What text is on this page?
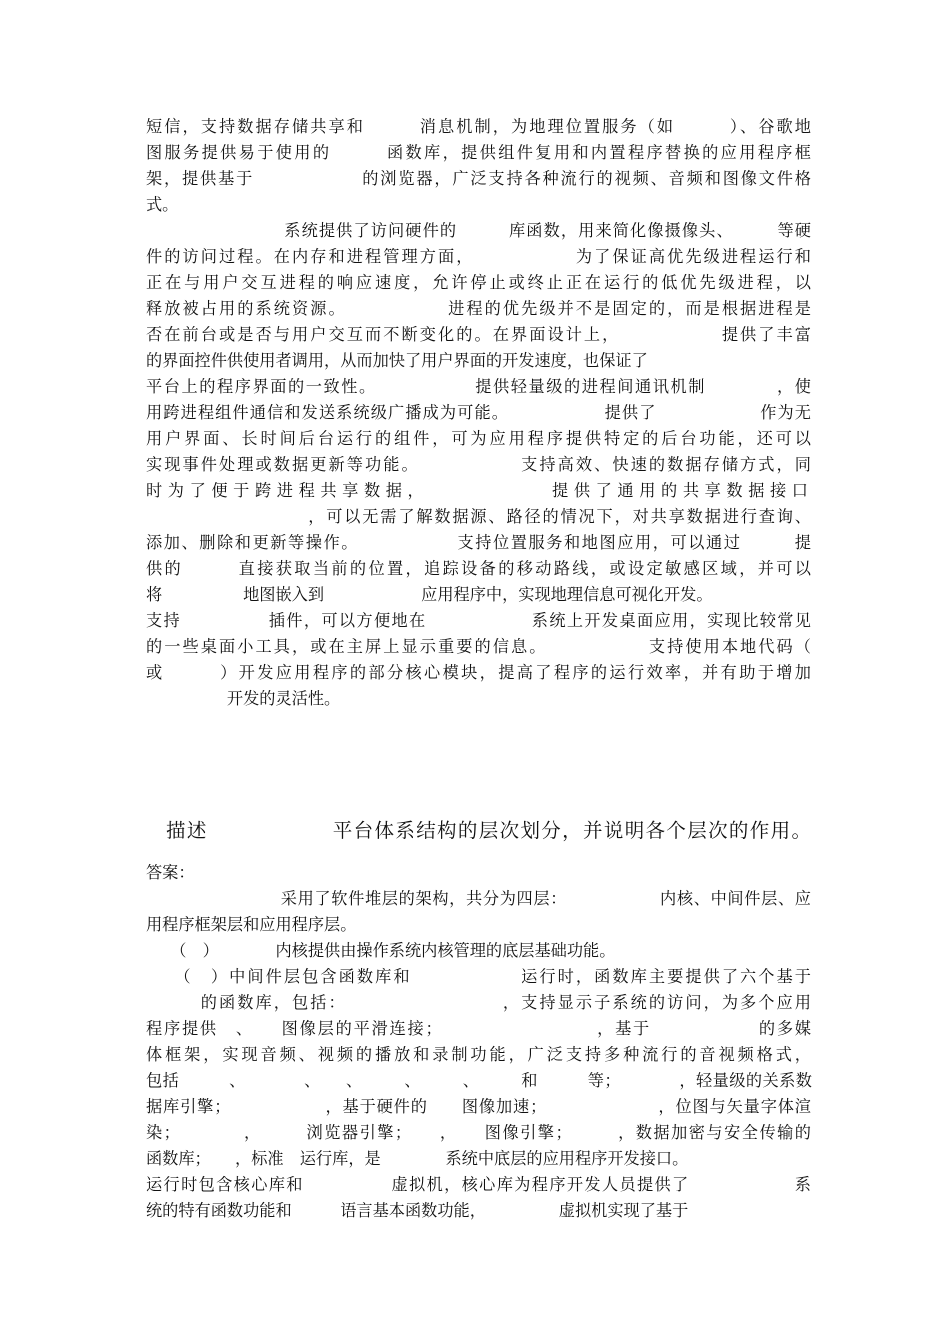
短信，支持数据存储共享和　　　消息机制，为地理位置服务（如　　　）、谷歌地
图服务提供易于使用的　　　函数库，提供组件复用和内置程序替换的应用程序框
架，提供基于　　　　　　的浏览器，广泛支持各种流行的视频、音频和图像文件格
式。
　　　　　　　　系统提供了访问硬件的　　　库函数，用来简化像摄像头、　　　等硬
件的访问过程。在内存和进程管理方面，　　　　　　为了保证高优先级进程运行和
正在与用户交互进程的响应速度，允许停止或终止正在运行的低优先级进程，以
释放被占用的系统资源。　　　　　　进程的优先级并不是固定的，而是根据进程是
否在前台或是否与用户交互而不断变化的。在界面设计上，　　　　　　提供了丰富
的界面控件供使用者调用，从而加快了用户界面的开发速度，也保证了
平台上的程序界面的一致性。　　　　　　提供轻量级的进程间通讯机制　　　　，使
用跨进程组件通信和发送系统级广播成为可能。　　　　　　提供了　　　　　　作为无
用户界面、长时间后台运行的组件，可为应用程序提供特定的后台功能，还可以
实现事件处理或数据更新等功能。　　　　　　支持高效、快速的数据存储方式，同
时为了便于跨进程共享数据，　　　　　　提供了通用的共享数据接口
　　　　　　　　　，可以无需了解数据源、路径的情况下，对共享数据进行查询、
添加、删除和更新等操作。　　　　　　支持位置服务和地图应用，可以通过　　　提
供的　　　直接获取当前的位置，追踪设备的移动路线，或设定敏感区域，并可以
将　　　　　地图嵌入到　　　　　　应用程序中，实现地理信息可视化开发。
支持　　　　　插件，可以方便地在　　　　　　系统上开发桌面应用，实现比较常见
的一些桌面小工具，或在主屏上显示重要的信息。　　　　　　支持使用本地代码（
或　　　）开发应用程序的部分核心模块，提高了程序的运行效率，并有助于增加
　　　　　开发的灵活性。
描述　　　　　　平台体系结构的层次划分，并说明各个层次的作用。
答案：
　　　　　　　　采用了软件堆层的架构，共分为四层：　　　　　　内核、中间件层、应
用程序框架层和应用程序层。
　　（　）　　　　内核提供由操作系统内核管理的底层基础功能。
　　（　）中间件层包含函数库和　　　　　　运行时，函数库主要提供了六个基于
　　　的函数库，包括：　　　　　　　　　，支持显示子系统的访问，为多个应用
程序提供　、　　图像层的平滑连接；　　　　　　　　　，基于　　　　　　的多媒
体框架，实现音频、视频的播放和录制功能，广泛支持多种流行的音视频格式，
包括　　　、　　　　、　　、　　　、　　　、　　　和　　　等；　　　　，轻量级的关系数
据库引擎；　　　　　　，基于硬件的　　图像加速；　　　　　　　，位图与矢量字体渲
染；　　　　，　　　浏览器引擎；　　，　　图像引擎；　　　，数据加密与安全传输的
函数库；　　，标准　运行库，是　　　　系统中底层的应用程序开发接口。
运行时包含核心库和　　　　　虚拟机，核心库为程序开发人员提供了　　　　　　系
统的特有函数功能和　　　语言基本函数功能，　　　　　虚拟机实现了基于
